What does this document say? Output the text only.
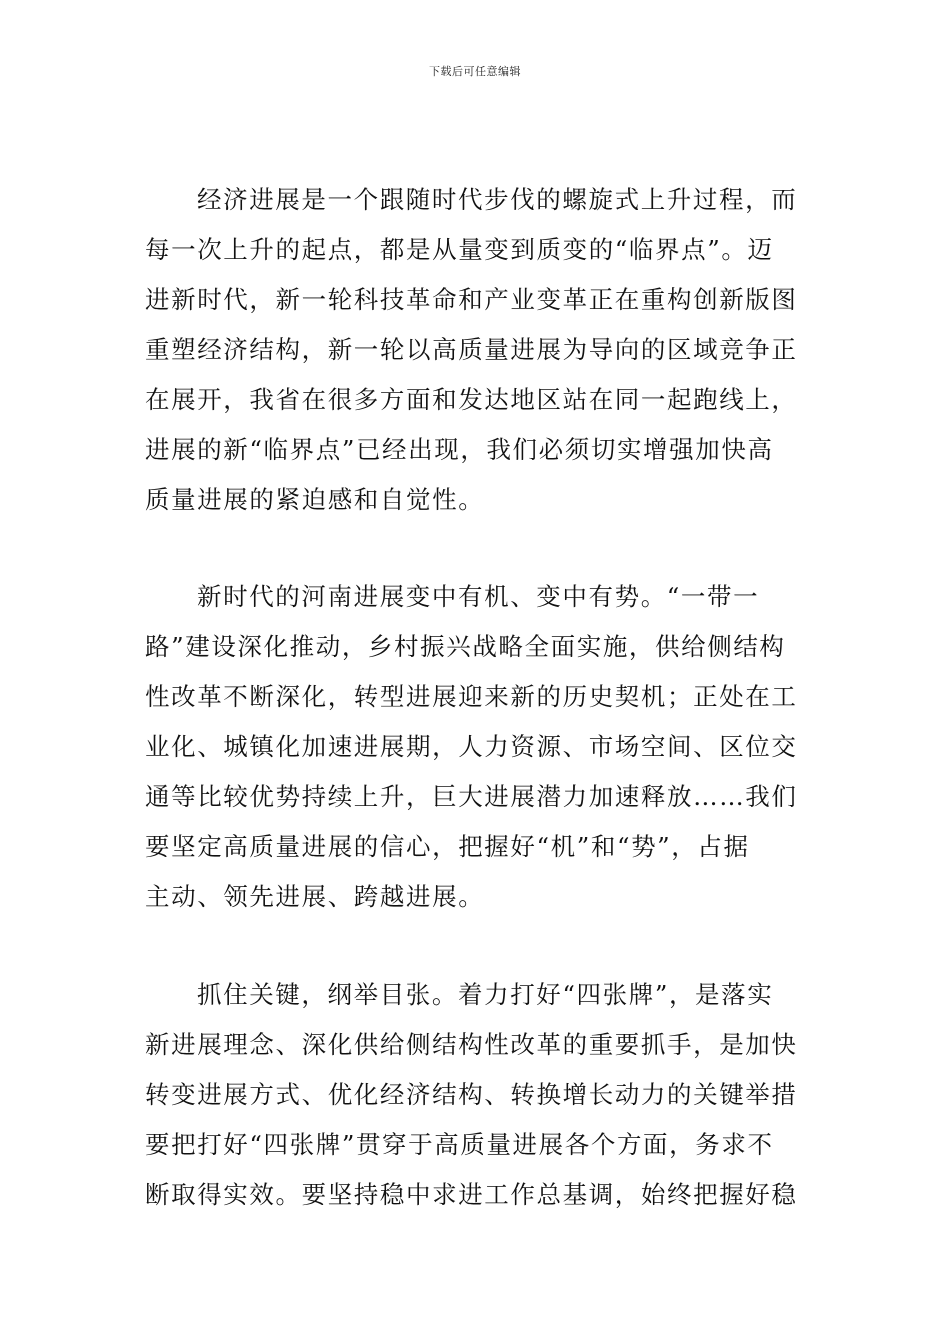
下载后可任意编辑
经济进展是一个跟随时代步伐的螺旋式上升过程，而
每一次上升的起点，都是从量变到质变的“临界点”。迈
进新时代，新一轮科技革命和产业变革正在重构创新版图
重塑经济结构，新一轮以高质量进展为导向的区域竞争正
在展开，我省在很多方面和发达地区站在同一起跑线上，
进展的新“临界点”已经出现，我们必须切实增强加快高
质量进展的紧迫感和自觉性。
新时代的河南进展变中有机、变中有势。“一带一
路”建设深化推动，乡村振兴战略全面实施，供给侧结构
性改革不断深化，转型进展迎来新的历史契机；正处在工
业化、城镇化加速进展期，人力资源、市场空间、区位交
通等比较优势持续上升，巨大进展潜力加速释放……我们
要坚定高质量进展的信心，把握好“机”和“势”，占据
主动、领先进展、跨越进展。
抓住关键，纲举目张。着力打好“四张牌”，是落实
新进展理念、深化供给侧结构性改革的重要抓手，是加快
转变进展方式、优化经济结构、转换增长动力的关键举措
要把打好“四张牌”贯穿于高质量进展各个方面，务求不
断取得实效。要坚持稳中求进工作总基调，始终把握好稳
